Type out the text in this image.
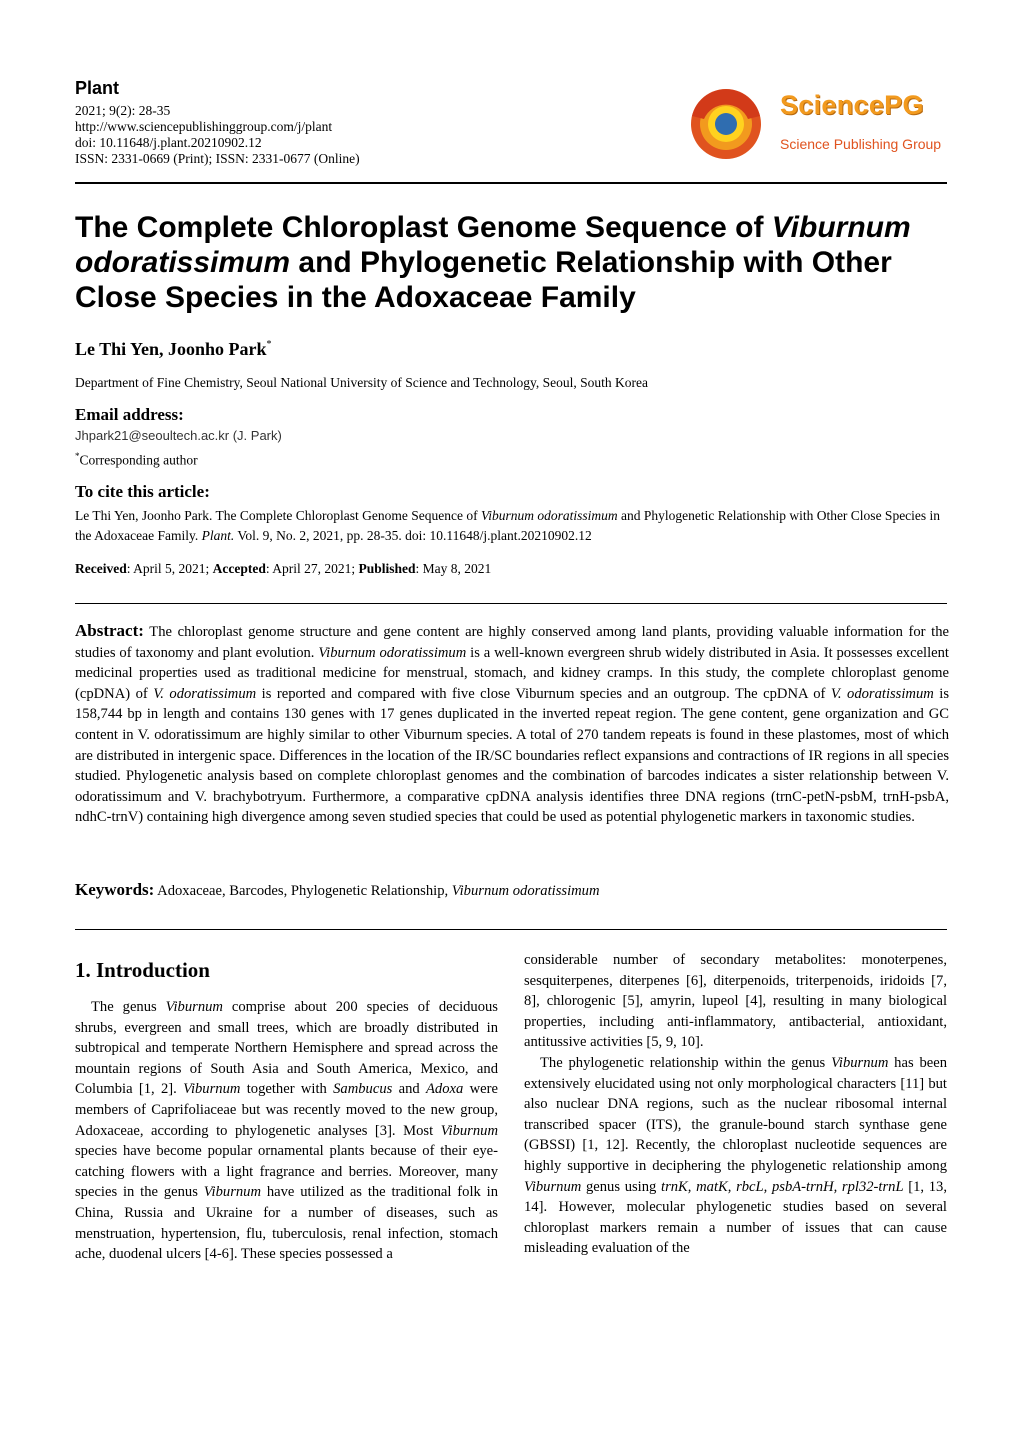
Plant
2021; 9(2): 28-35
http://www.sciencepublishinggroup.com/j/plant
doi: 10.11648/j.plant.20210902.12
ISSN: 2331-0669 (Print); ISSN: 2331-0677 (Online)
SciencePG
Science Publishing Group
The Complete Chloroplast Genome Sequence of Viburnum odoratissimum and Phylogenetic Relationship with Other Close Species in the Adoxaceae Family
Le Thi Yen, Joonho Park*
Department of Fine Chemistry, Seoul National University of Science and Technology, Seoul, South Korea
Email address:
Jhpark21@seoultech.ac.kr (J. Park)
*Corresponding author
To cite this article:
Le Thi Yen, Joonho Park. The Complete Chloroplast Genome Sequence of Viburnum odoratissimum and Phylogenetic Relationship with Other Close Species in the Adoxaceae Family. Plant. Vol. 9, No. 2, 2021, pp. 28-35. doi: 10.11648/j.plant.20210902.12
Received: April 5, 2021; Accepted: April 27, 2021; Published: May 8, 2021
Abstract: The chloroplast genome structure and gene content are highly conserved among land plants, providing valuable information for the studies of taxonomy and plant evolution. Viburnum odoratissimum is a well-known evergreen shrub widely distributed in Asia. It possesses excellent medicinal properties used as traditional medicine for menstrual, stomach, and kidney cramps. In this study, the complete chloroplast genome (cpDNA) of V. odoratissimum is reported and compared with five close Viburnum species and an outgroup. The cpDNA of V. odoratissimum is 158,744 bp in length and contains 130 genes with 17 genes duplicated in the inverted repeat region. The gene content, gene organization and GC content in V. odoratissimum are highly similar to other Viburnum species. A total of 270 tandem repeats is found in these plastomes, most of which are distributed in intergenic space. Differences in the location of the IR/SC boundaries reflect expansions and contractions of IR regions in all species studied. Phylogenetic analysis based on complete chloroplast genomes and the combination of barcodes indicates a sister relationship between V. odoratissimum and V. brachybotryum. Furthermore, a comparative cpDNA analysis identifies three DNA regions (trnC-petN-psbM, trnH-psbA, ndhC-trnV) containing high divergence among seven studied species that could be used as potential phylogenetic markers in taxonomic studies.
Keywords: Adoxaceae, Barcodes, Phylogenetic Relationship, Viburnum odoratissimum
1. Introduction

The genus Viburnum comprise about 200 species of deciduous shrubs, evergreen and small trees, which are broadly distributed in subtropical and temperate Northern Hemisphere and spread across the mountain regions of South Asia and South America, Mexico, and Columbia [1, 2]. Viburnum together with Sambucus and Adoxa were members of Caprifoliaceae but was recently moved to the new group, Adoxaceae, according to phylogenetic analyses [3]. Most Viburnum species have become popular ornamental plants because of their eye-catching flowers with a light fragrance and berries. Moreover, many species in the genus Viburnum have utilized as the traditional folk in China, Russia and Ukraine for a number of diseases, such as menstruation, hypertension, flu, tuberculosis, renal infection, stomach ache, duodenal ulcers [4-6]. These species possessed a

considerable number of secondary metabolites: monoterpenes, sesquiterpenes, diterpenes [6], diterpenoids, triterpenoids, iridoids [7, 8], chlorogenic [5], amyrin, lupeol [4], resulting in many biological properties, including anti-inflammatory, antibacterial, antioxidant, antitussive activities [5, 9, 10].

The phylogenetic relationship within the genus Viburnum has been extensively elucidated using not only morphological characters [11] but also nuclear DNA regions, such as the nuclear ribosomal internal transcribed spacer (ITS), the granule-bound starch synthase gene (GBSSI) [1, 12]. Recently, the chloroplast nucleotide sequences are highly supportive in deciphering the phylogenetic relationship among Viburnum genus using trnK, matK, rbcL, psbA-trnH, rpl32-trnL [1, 13, 14]. However, molecular phylogenetic studies based on several chloroplast markers remain a number of issues that can cause misleading evaluation of the
